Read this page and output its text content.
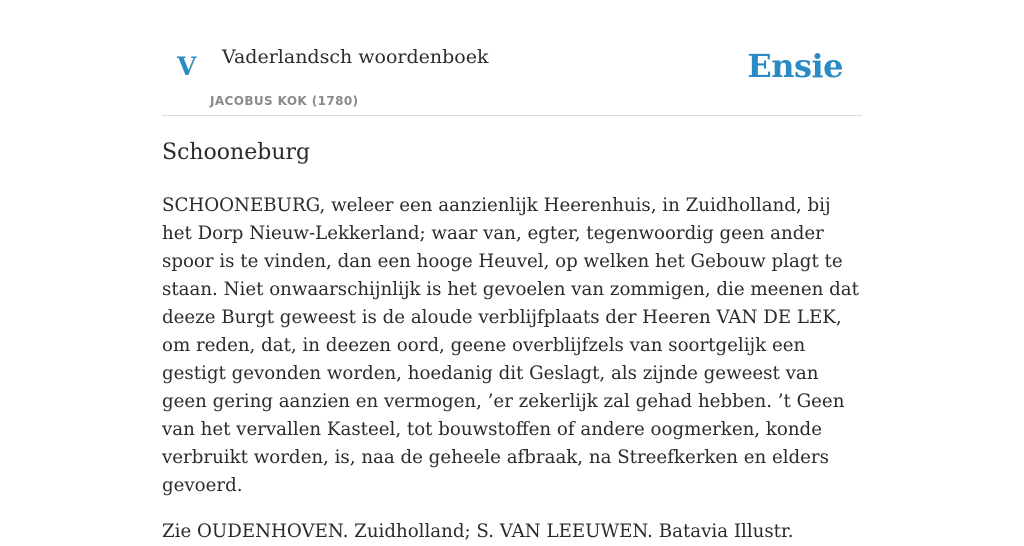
V Vaderlandsch woordenboek
JACOBUS KOK (1780)
Ensie
Schooneburg

SCHOONEBURG, weleer een aanzienlijk Heerenhuis, in Zuidholland, bij het Dorp Nieuw-Lekkerland; waar van, egter, tegenwoordig geen ander spoor is te vinden, dan een hooge Heuvel, op welken het Gebouw plagt te staan. Niet onwaarschijnlijk is het gevoelen van zommigen, die meenen dat deeze Burgt geweest is de aloude verblijfplaats der Heeren VAN DE LEK, om reden, dat, in deezen oord, geene overblijfzels van soortgelijk een gestigt gevonden worden, hoedanig dit Geslagt, als zijnde geweest van geen gering aanzien en vermogen, ’er zekerlijk zal gehad hebben. ’t Geen van het vervallen Kasteel, tot bouwstoffen of andere oogmerken, konde verbruikt worden, is, naa de geheele afbraak, na Streefkerken en elders gevoerd.

Zie OUDENHOVEN. Zuidholland; S. VAN LEEUWEN. Batavia Illustr.
